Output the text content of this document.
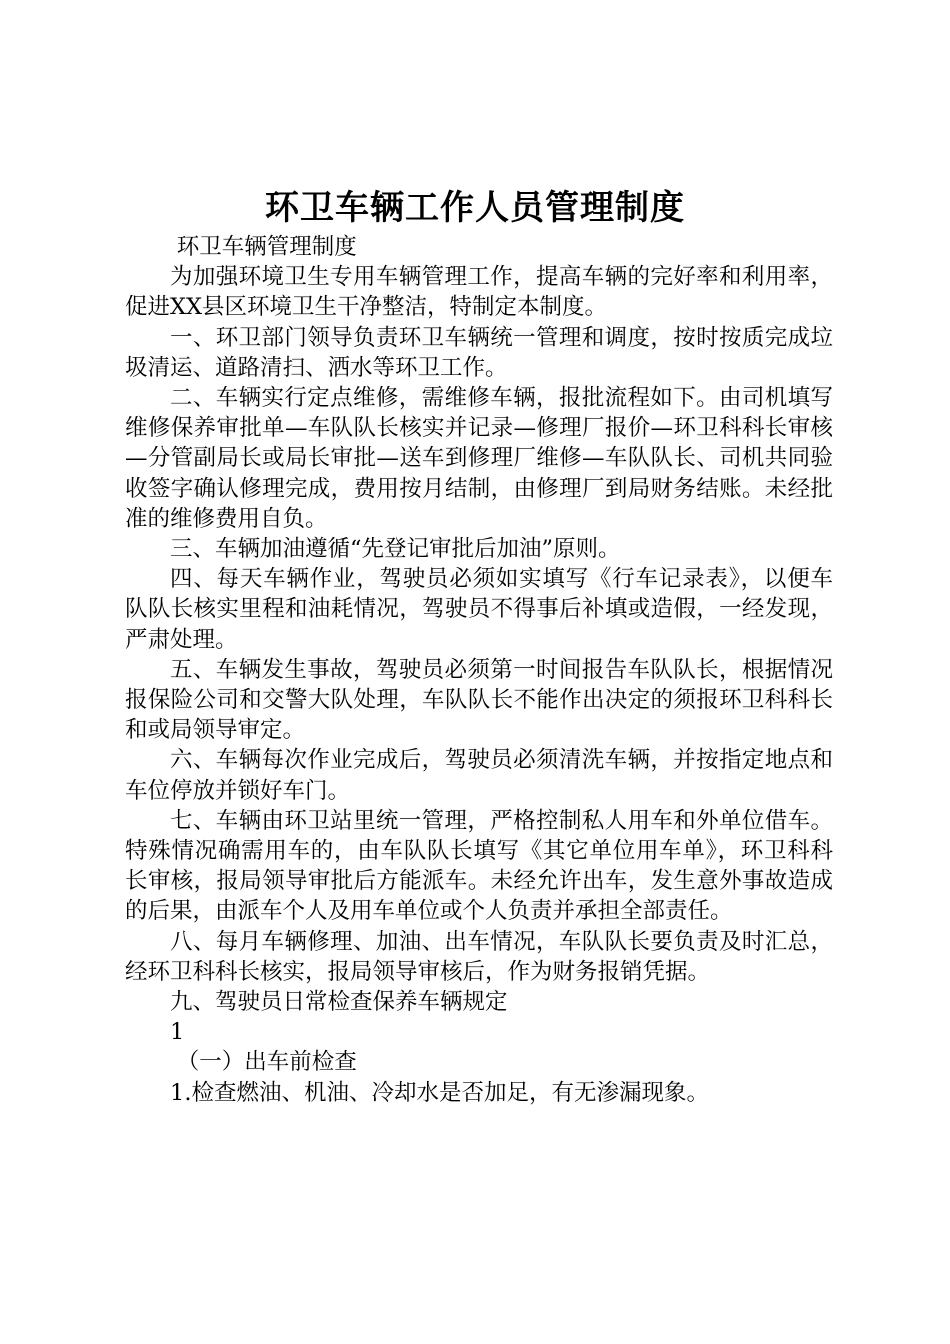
环卫车辆工作人员管理制度

环卫车辆管理制度

为加强环境卫生专用车辆管理工作，提高车辆的完好率和利用率，促进XX县区环境卫生干净整洁，特制定本制度。

一、环卫部门领导负责环卫车辆统一管理和调度，按时按质完成垃圾清运、道路清扫、洒水等环卫工作。

二、车辆实行定点维修，需维修车辆，报批流程如下。由司机填写维修保养审批单—车队队长核实并记录—修理厂报价—环卫科科长审核—分管副局长或局长审批—送车到修理厂维修—车队队长、司机共同验收签字确认修理完成，费用按月结制，由修理厂到局财务结账。未经批准的维修费用自负。

三、车辆加油遵循“先登记审批后加油”原则。

四、每天车辆作业，驾驶员必须如实填写《行车记录表》，以便车队队长核实里程和油耗情况，驾驶员不得事后补填或造假，一经发现，严肃处理。

五、车辆发生事故，驾驶员必须第一时间报告车队队长，根据情况报保险公司和交警大队处理，车队队长不能作出决定的须报环卫科科长和或局领导审定。

六、车辆每次作业完成后，驾驶员必须清洗车辆，并按指定地点和车位停放并锁好车门。

七、车辆由环卫站里统一管理，严格控制私人用车和外单位借车。特殊情况确需用车的，由车队队长填写《其它单位用车单》，环卫科科长审核，报局领导审批后方能派车。未经允许出车，发生意外事故造成的后果，由派车个人及用车单位或个人负责并承担全部责任。

八、每月车辆修理、加油、出车情况，车队队长要负责及时汇总，经环卫科科长核实，报局领导审核后，作为财务报销凭据。

九、驾驶员日常检查保养车辆规定

1

（一）出车前检查

1.检查燃油、机油、冷却水是否加足，有无渗漏现象。
